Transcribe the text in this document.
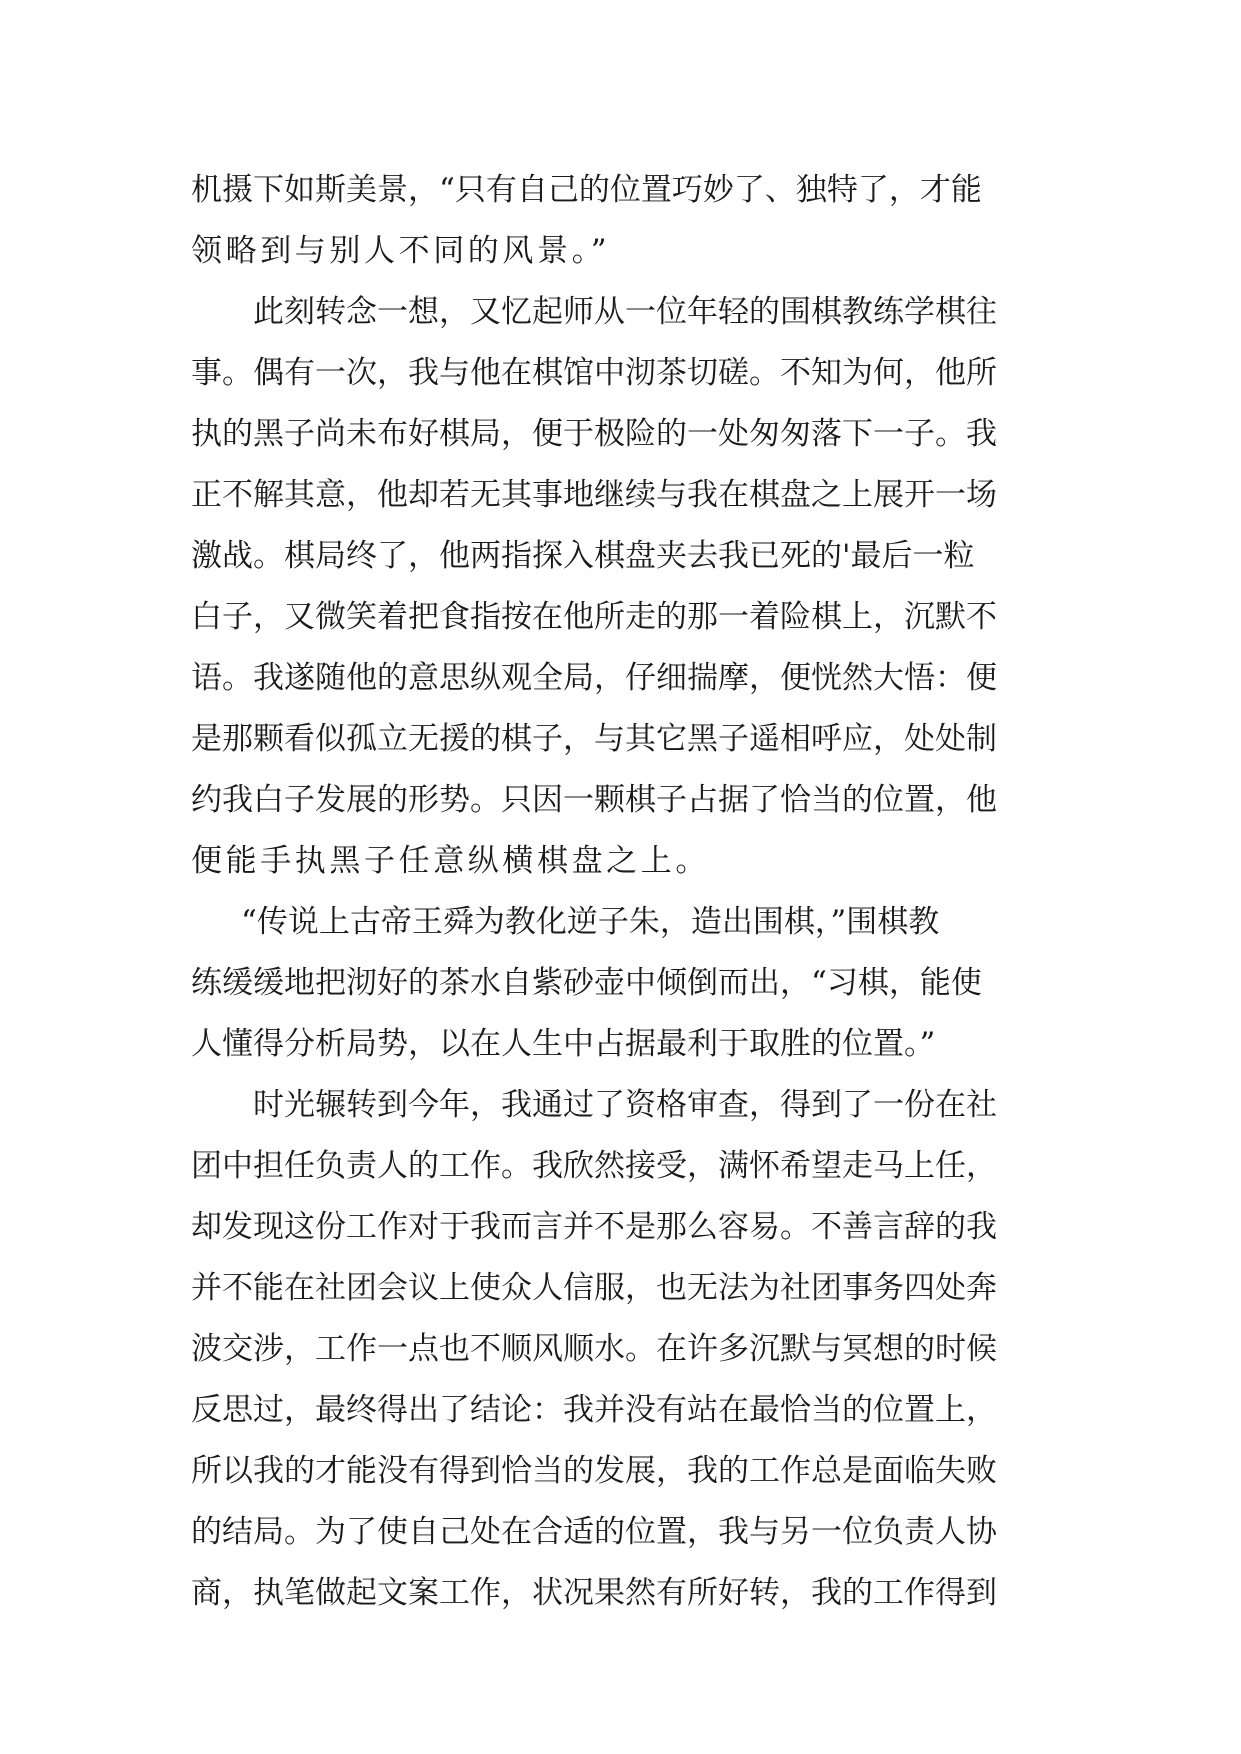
机摄下如斯美景，“只有自己的位置巧妙了、独特了，才能
领略到与别人不同的风景。”
此刻转念一想，又忆起师从一位年轻的围棋教练学棋往
事。偶有一次，我与他在棋馆中沏茶切磋。不知为何，他所
执的黑子尚未布好棋局，便于极险的一处匆匆落下一子。我
正不解其意，他却若无其事地继续与我在棋盘之上展开一场
激战。棋局终了，他两指探入棋盘夹去我已死的'最后一粒
白子，又微笑着把食指按在他所走的那一着险棋上，沉默不
语。我遂随他的意思纵观全局，仔细揣摩，便恍然大悟：便
是那颗看似孤立无援的棋子，与其它黑子遥相呼应，处处制
约我白子发展的形势。只因一颗棋子占据了恰当的位置，他
便能手执黑子任意纵横棋盘之上。
“传说上古帝王舜为教化逆子朱，造出围棋，”围棋教
练缓缓地把沏好的茶水自紫砂壶中倾倒而出，“习棋，能使
人懂得分析局势，以在人生中占据最利于取胜的位置。”
时光辗转到今年，我通过了资格审查，得到了一份在社
团中担任负责人的工作。我欣然接受，满怀希望走马上任，
却发现这份工作对于我而言并不是那么容易。不善言辞的我
并不能在社团会议上使众人信服，也无法为社团事务四处奔
波交涉，工作一点也不顺风顺水。在许多沉默与冥想的时候
反思过，最终得出了结论：我并没有站在最恰当的位置上，
所以我的才能没有得到恰当的发展，我的工作总是面临失败
的结局。为了使自己处在合适的位置，我与另一位负责人协
商，执笔做起文案工作，状况果然有所好转，我的工作得到
